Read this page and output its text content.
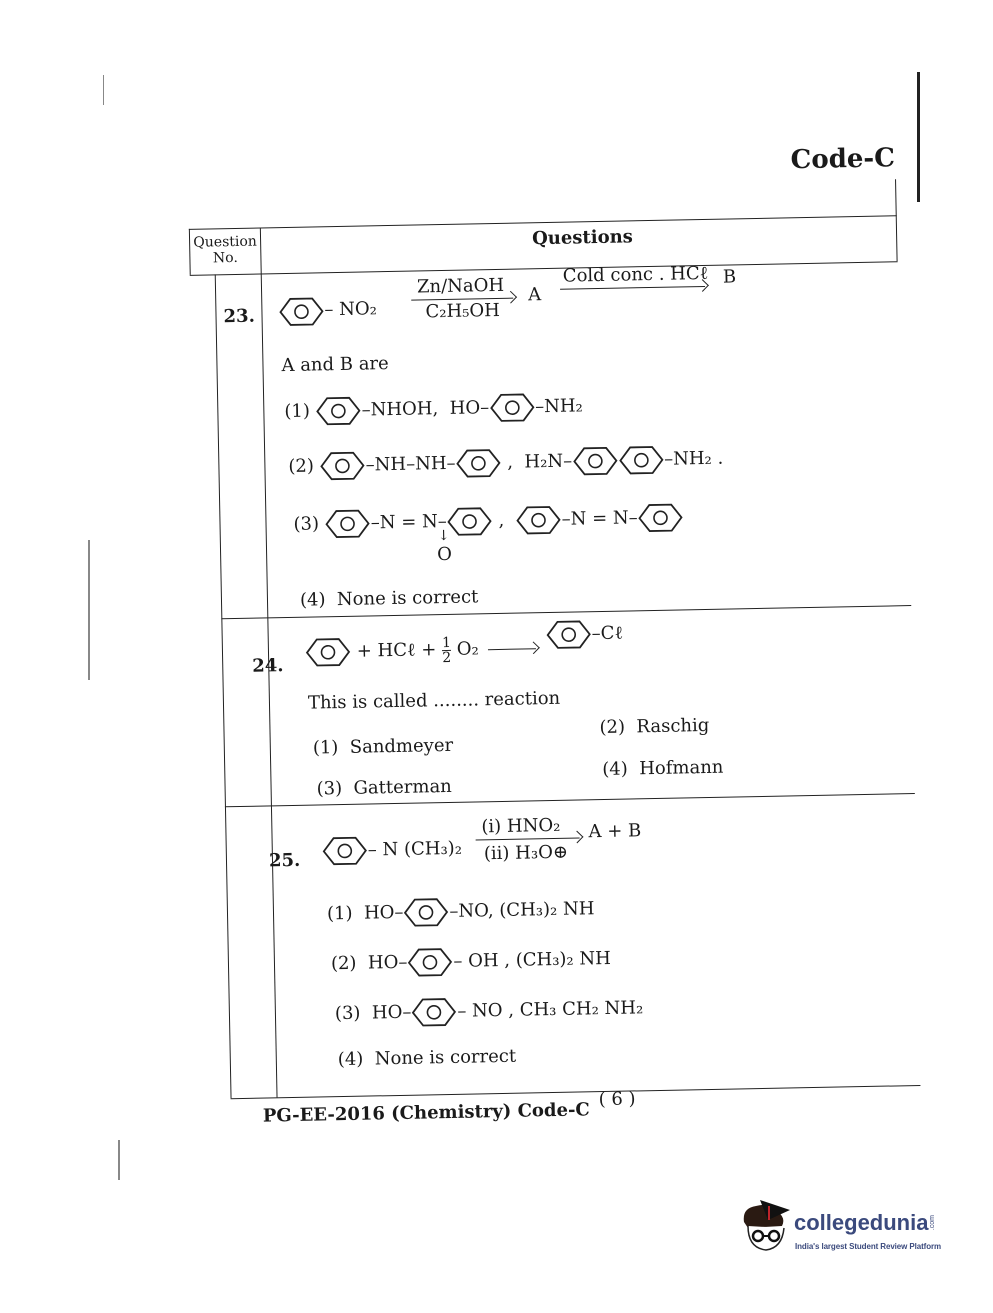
Code-C
Question No.
Questions
23.	– NO₂
Zn/NaOH
C₂H₅OH
A
Cold conc . HCℓ B
A and B are
(1)	–NHOH, HO–	–NH₂
(2)	–NH–NH–	, H₂N–	–NH₂ .
(3)	–N = N–	,	–N = N–
↓
O
(4) None is correct
24.
+ HCℓ + $\frac{1}{2} O_2$
–Cℓ
This is called ........ reaction
(1) Sandmeyer
(2) Raschig
(3) Gatterman
(4) Hofmann
25.	– N (CH₃)₂
(i) HNO₂
(ii) H₃O⊕
A + B
(1) HO–	–NO, (CH₃)₂ NH
(2) HO–	– OH , (CH₃)₂ NH
(3) HO–	– NO , CH₃ CH₂ NH₂
(4) None is correct
PG-EE-2016 (Chemistry) Code-C
( 6 )
collegedunia.com
India's largest Student Review Platform
